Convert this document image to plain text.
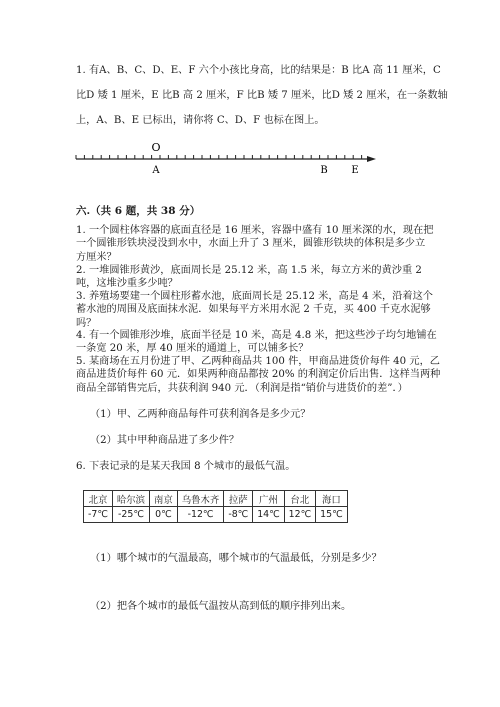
1. 有A、B、C、D、E、F 六个小孩比身高，比的结果是：B 比A 高 11 厘米，C
比D 矮 1 厘米，E 比B 高 2 厘米，F 比B 矮 7 厘米，比D 矮 2 厘米，在一条数轴
上，A、B、E 已标出，请你将 C、D、F 也标在图上。
O
A	B E
六.（共 6 题，共 38 分）
1. 一个圆柱体容器的底面直径是 16 厘米，容器中盛有 10 厘米深的水，现在把
一个圆锥形铁块浸没到水中，水面上升了 3 厘米，圆锥形铁块的体积是多少立
方厘米？
2. 一堆圆锥形黄沙，底面周长是 25.12 米，高 1.5 米，每立方米的黄沙重 2
吨，这堆沙重多少吨？
3. 养殖场要建一个圆柱形蓄水池，底面周长是 25.12 米，高是 4 米，沿着这个
蓄水池的周围及底面抹水泥．如果每平方米用水泥 2 千克，买 400 千克水泥够
吗？
4. 有一个圆锥形沙堆，底面半径是 10 米，高是 4.8 米，把这些沙子均匀地铺在
一条宽 20 米，厚 40 厘米的通道上，可以铺多长？
5. 某商场在五月份进了甲、乙两种商品共 100 件，甲商品进货价每件 40 元，乙
商品进货价每件 60 元．如果两种商品都按 20% 的利润定价后出售．这样当两种
商品全部销售完后，共获利润 940 元．（利润是指“销价与进货价的差”．）
（1）甲、乙两种商品每件可获利润各是多少元？
（2）其中甲种商品进了多少件？
6. 下表记录的是某天我国 8 个城市的最低气温。
北京	哈尔滨	南京	乌鲁木齐	拉萨	广州	台北	海口
-7℃	-25℃	0℃	-12℃	-8℃	14℃	12℃	15℃
（1）哪个城市的气温最高，哪个城市的气温最低，分别是多少？
（2）把各个城市的最低气温按从高到低的顺序排列出来。
